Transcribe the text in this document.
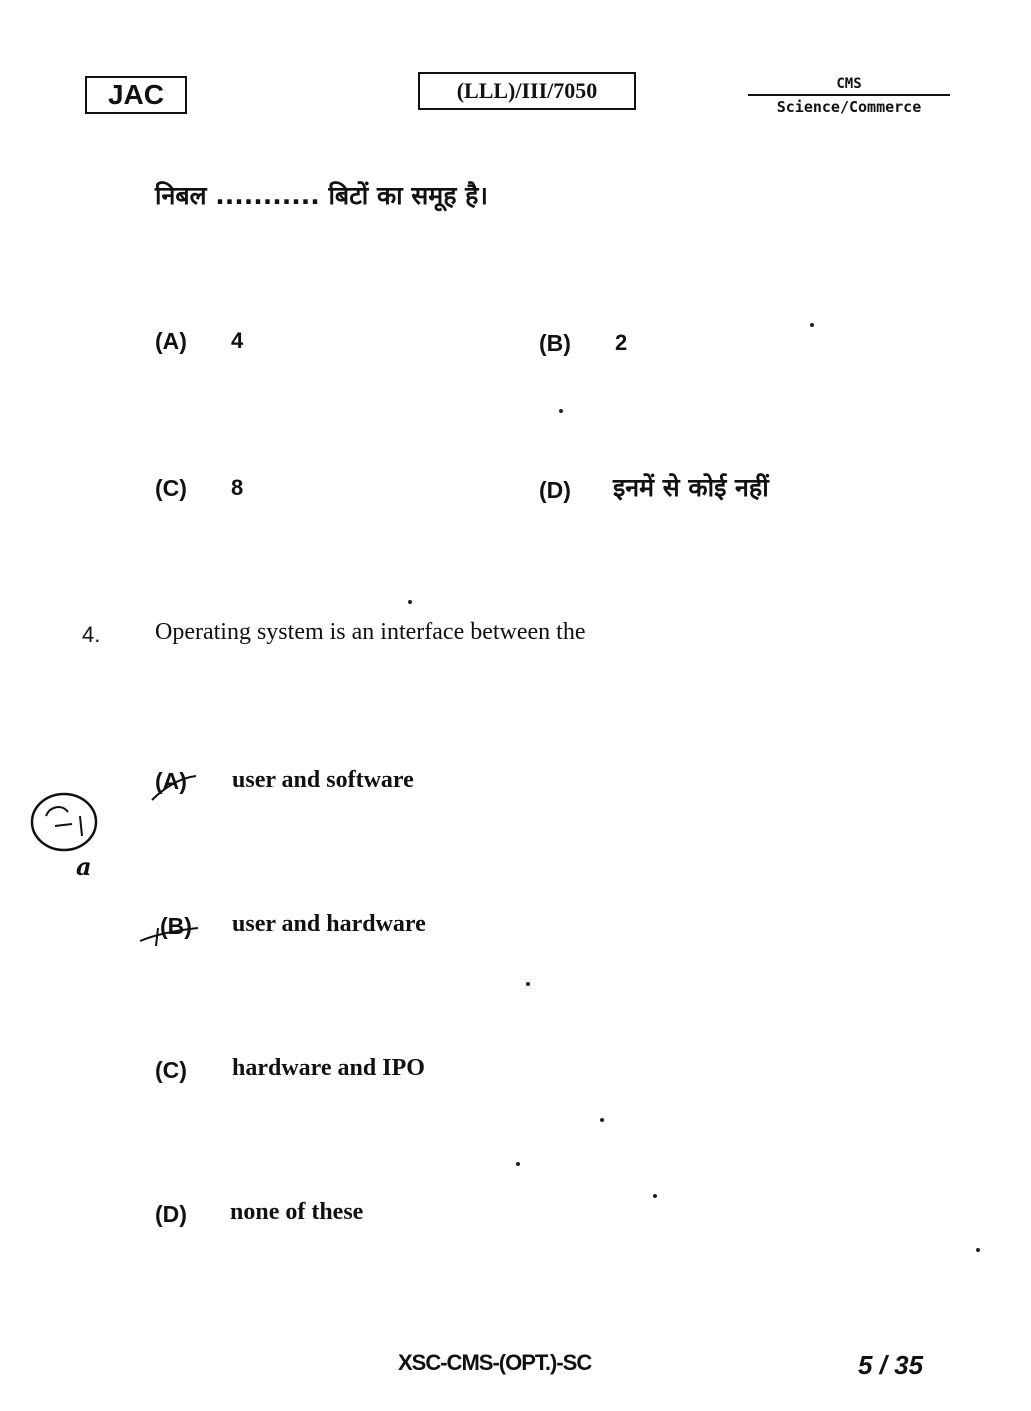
JAC	(LLL)/III/7050	CMS
Science/Commerce
निबल ........... बिटों का समूह है।
(A) 4	(B) 2
(C) 8	(D) इनमें से कोई नहीं
4. Operating system is an interface between the
(A) user and software
(B) user and hardware
(C) hardware and IPO
(D) none of these
a
XSC-CMS-(OPT.)-SC	5 / 35
